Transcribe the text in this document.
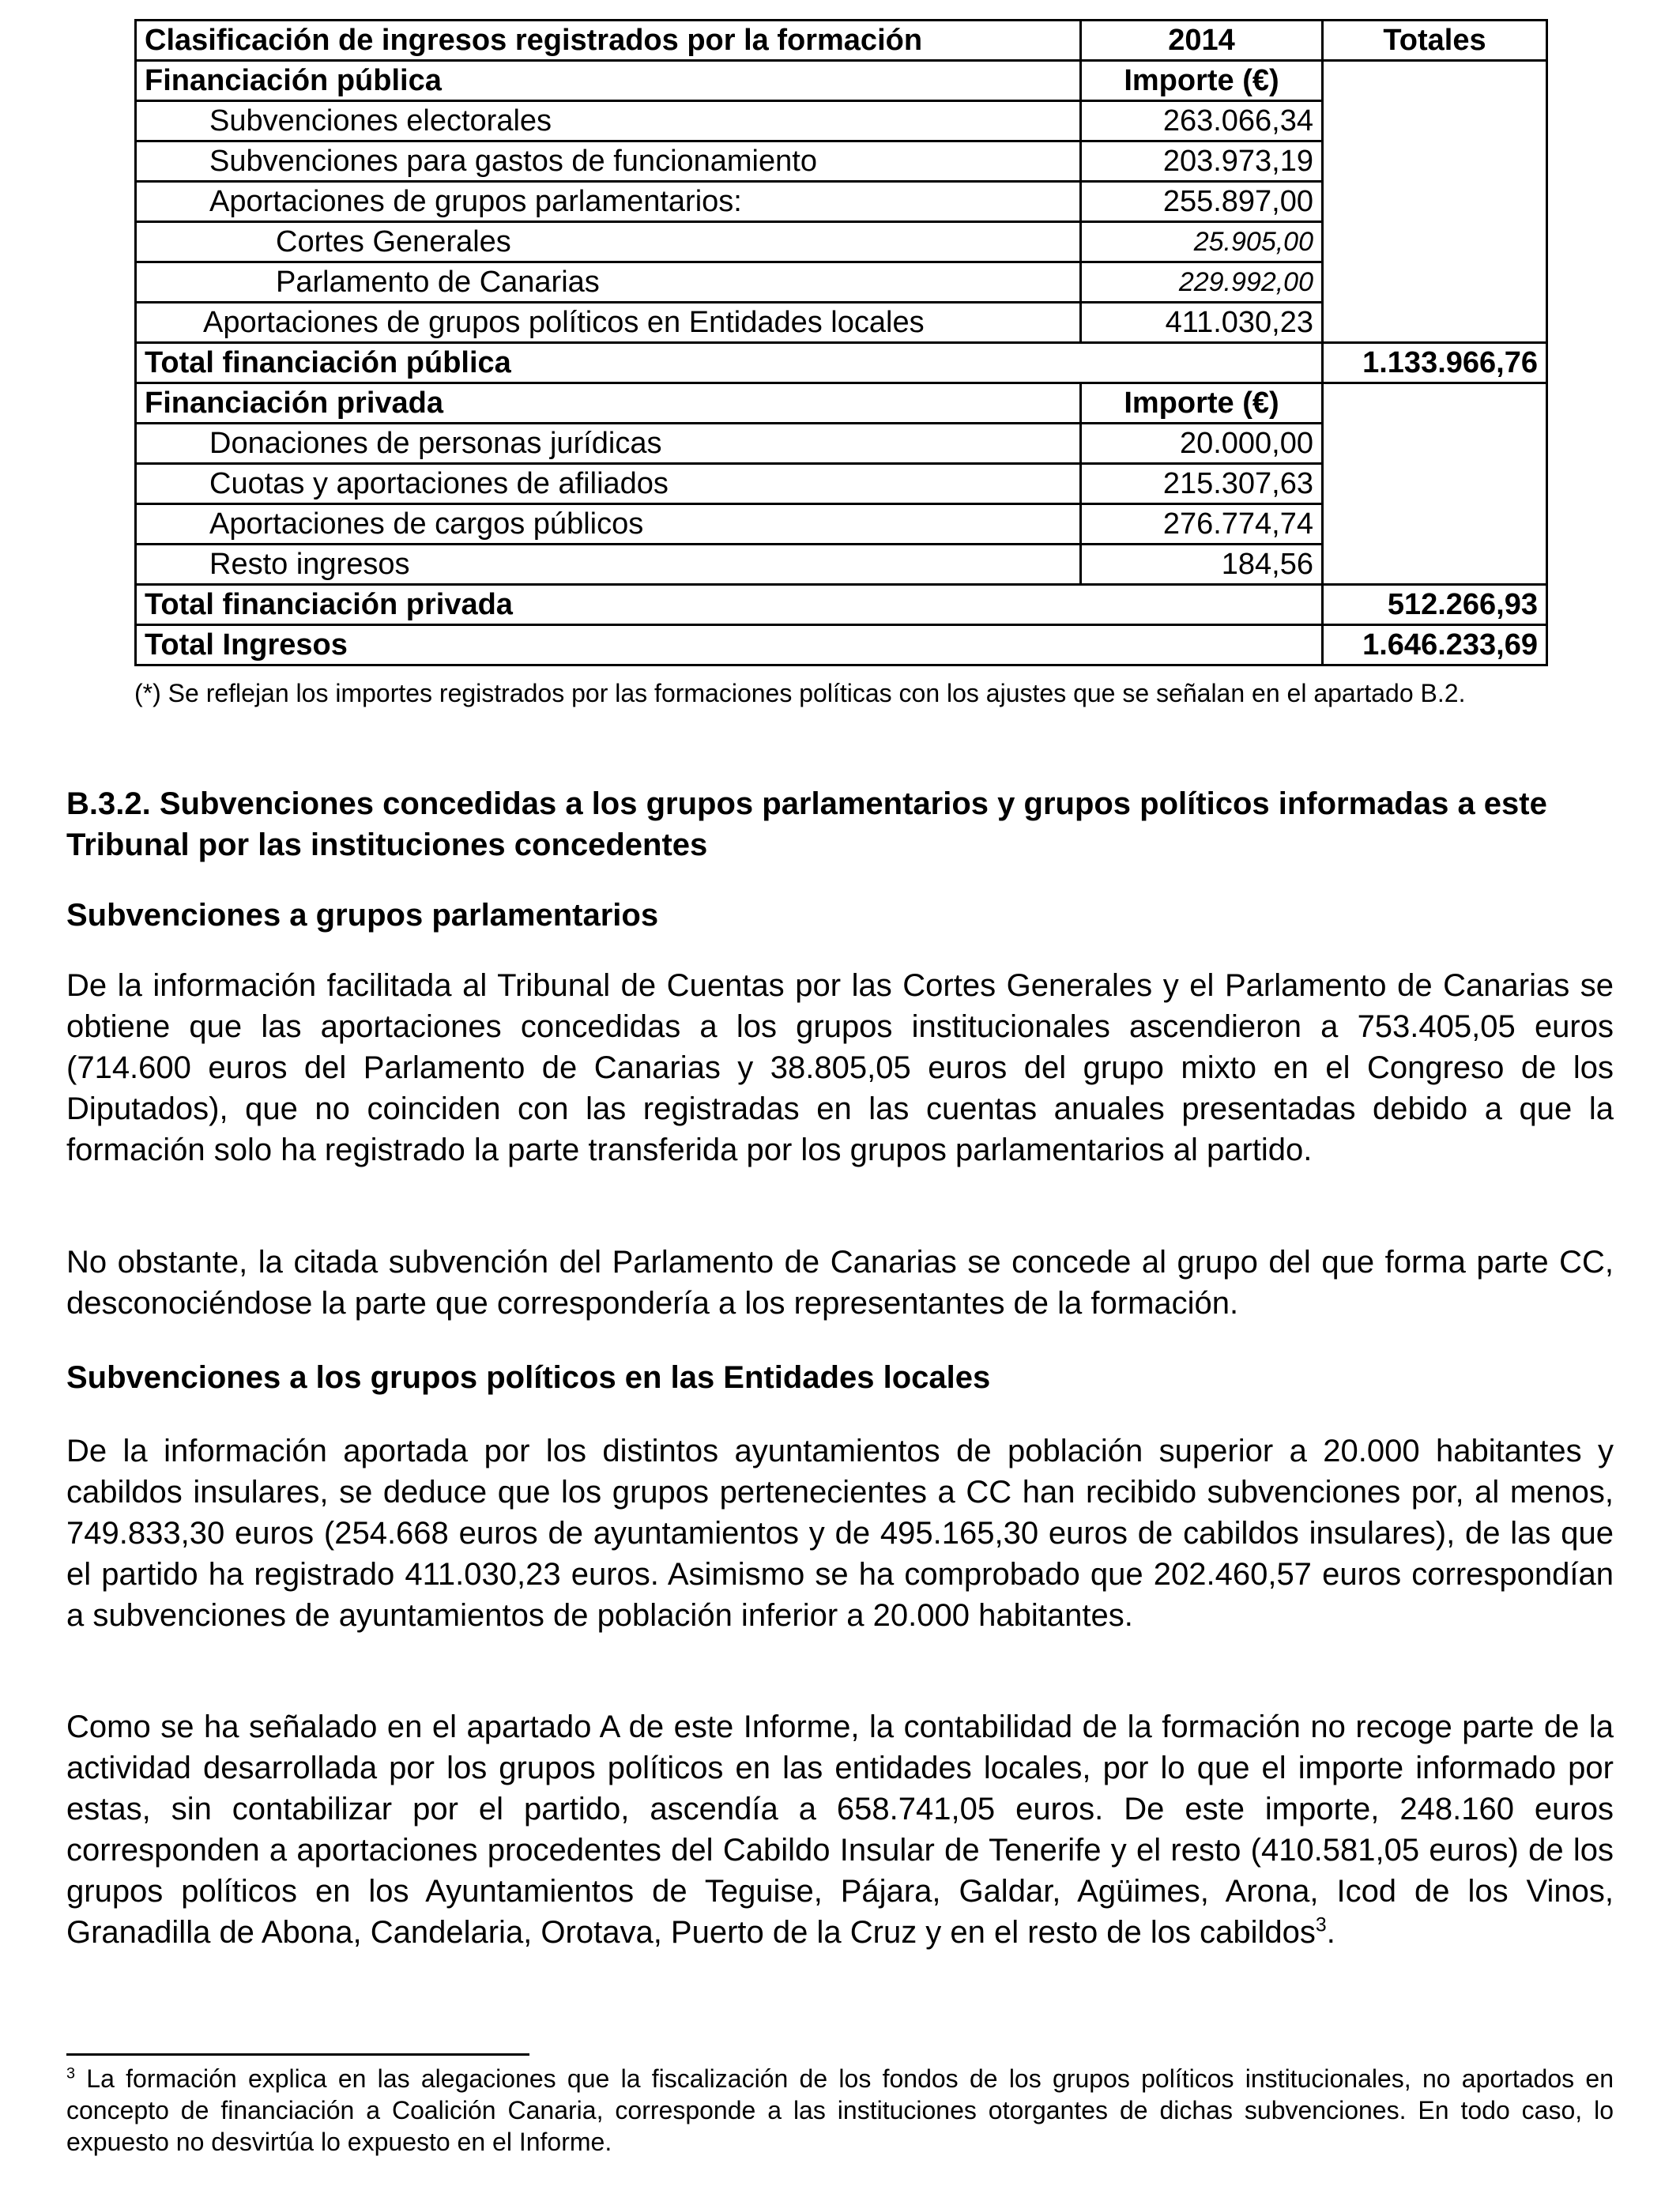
Clasificación de ingresos registrados por la formación	2014	Totales
Financiación pública	Importe (€)	
Subvenciones electorales	263.066,34	
Subvenciones para gastos de funcionamiento	203.973,19	
Aportaciones de grupos parlamentarios:	255.897,00	
Cortes Generales	25.905,00	
Parlamento de Canarias	229.992,00	
Aportaciones de grupos políticos en Entidades locales	411.030,23	
Total financiación pública		1.133.966,76
Financiación privada	Importe (€)	
Donaciones de personas jurídicas	20.000,00	
Cuotas y aportaciones de afiliados	215.307,63	
Aportaciones de cargos públicos	276.774,74	
Resto ingresos	184,56	
Total financiación privada		512.266,93
Total Ingresos		1.646.233,69

(*) Se reflejan los importes registrados por las formaciones políticas con los ajustes que se señalan en el apartado B.2.

B.3.2. Subvenciones concedidas a los grupos parlamentarios y grupos políticos informadas a este Tribunal por las instituciones concedentes

Subvenciones a grupos parlamentarios

De la información facilitada al Tribunal de Cuentas por las Cortes Generales y el Parlamento de Canarias se obtiene que las aportaciones concedidas a los grupos institucionales ascendieron a 753.405,05 euros (714.600 euros del Parlamento de Canarias y 38.805,05 euros del grupo mixto en el Congreso de los Diputados), que no coinciden con las registradas en las cuentas anuales presentadas debido a que la formación solo ha registrado la parte transferida por los grupos parlamentarios al partido.

No obstante, la citada subvención del Parlamento de Canarias se concede al grupo del que forma parte CC, desconociéndose la parte que correspondería a los representantes de la formación.

Subvenciones a los grupos políticos en las Entidades locales

De la información aportada por los distintos ayuntamientos de población superior a 20.000 habitantes y cabildos insulares, se deduce que los grupos pertenecientes a CC han recibido subvenciones por, al menos, 749.833,30 euros (254.668 euros de ayuntamientos y de 495.165,30 euros de cabildos insulares), de las que el partido ha registrado 411.030,23 euros. Asimismo se ha comprobado que 202.460,57 euros correspondían a subvenciones de ayuntamientos de población inferior a 20.000 habitantes.

Como se ha señalado en el apartado A de este Informe, la contabilidad de la formación no recoge parte de la actividad desarrollada por los grupos políticos en las entidades locales, por lo que el importe informado por estas, sin contabilizar por el partido, ascendía a 658.741,05 euros. De este importe, 248.160 euros corresponden a aportaciones procedentes del Cabildo Insular de Tenerife y el resto (410.581,05 euros) de los grupos políticos en los Ayuntamientos de Teguise, Pájara, Galdar, Agüimes, Arona, Icod de los Vinos, Granadilla de Abona, Candelaria, Orotava, Puerto de la Cruz y en el resto de los cabildos$^3$.

$^3$ La formación explica en las alegaciones que la fiscalización de los fondos de los grupos políticos institucionales, no aportados en concepto de financiación a Coalición Canaria, corresponde a las instituciones otorgantes de dichas subvenciones. En todo caso, lo expuesto no desvirtúa lo expuesto en el Informe.
